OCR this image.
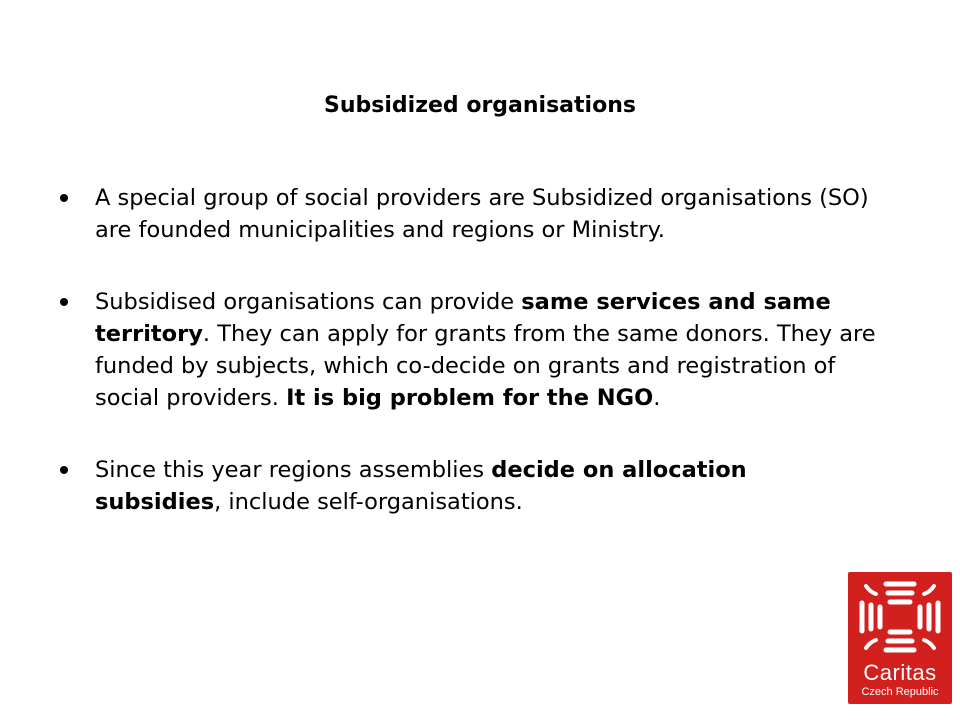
Subsidized organisations
A special group of social providers are Subsidized organisations (SO) are founded municipalities and regions or Ministry.
Subsidised organisations can provide same services and same territory. They can apply for grants from the same donors. They are funded by subjects, which co-decide on grants and registration of social providers. It is big problem for the NGO.
Since this year regions assemblies decide on allocation subsidies, include self-organisations.
Caritas
Czech Republic
